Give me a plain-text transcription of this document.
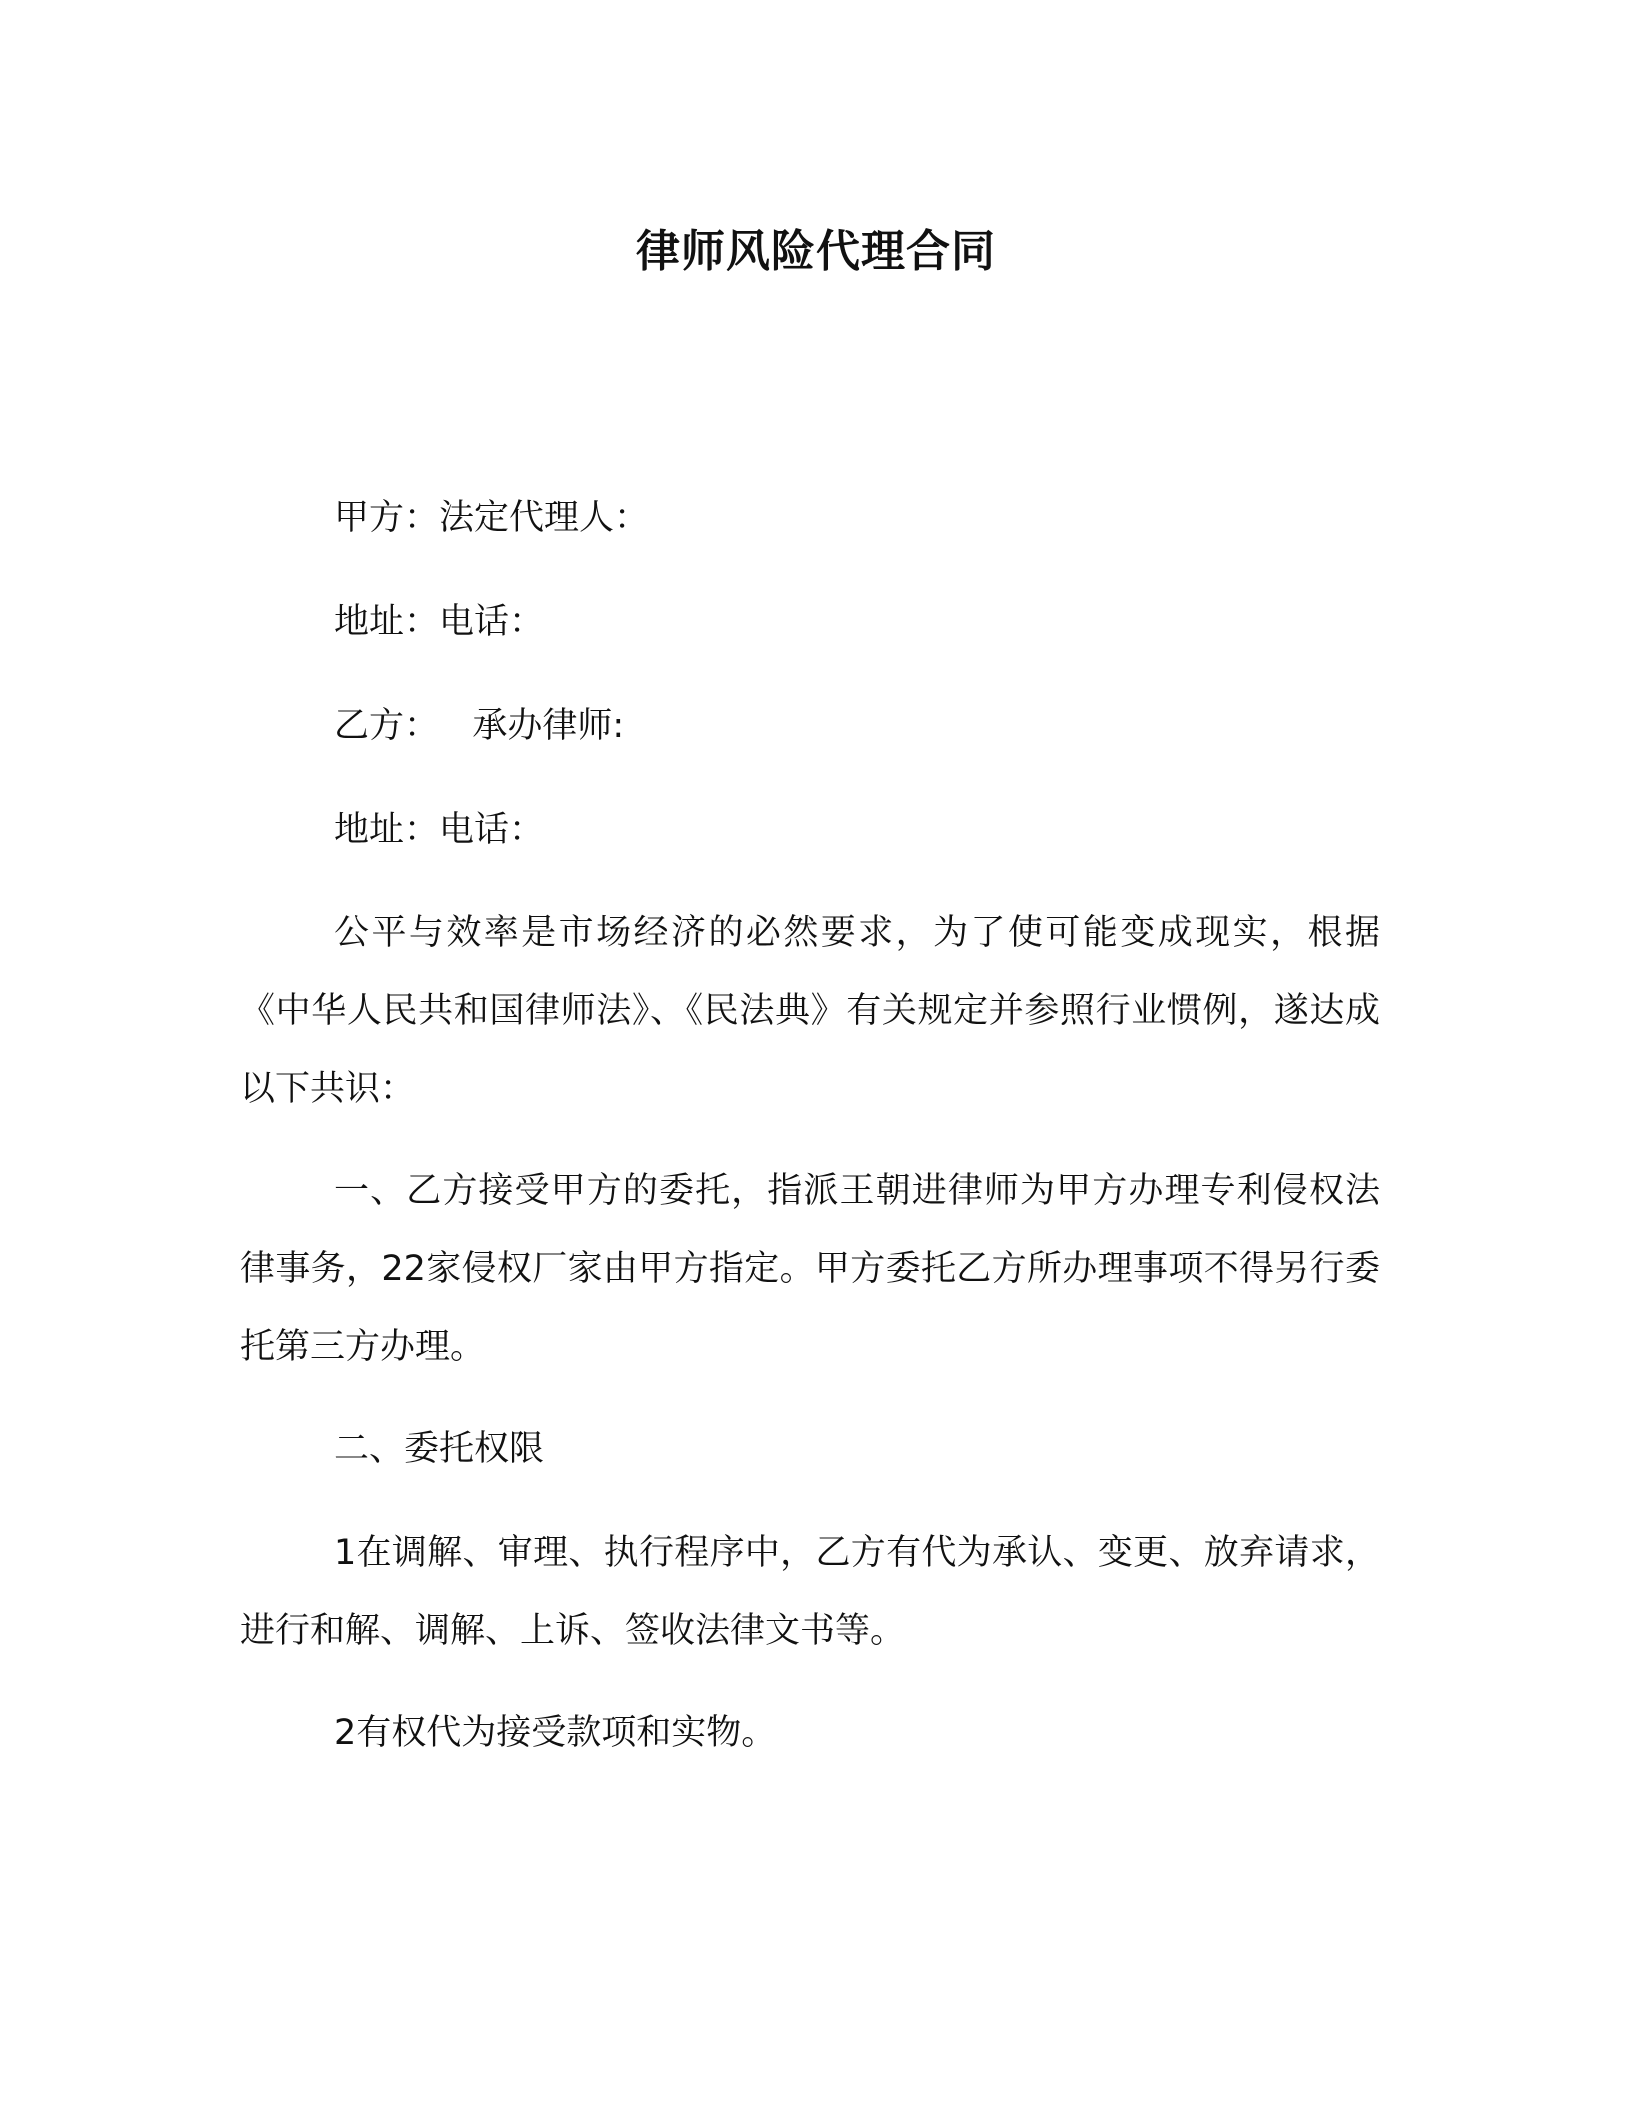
律师风险代理合同
甲方：法定代理人：
地址：电话：
乙方：   承办律师:
地址：电话：
公平与效率是市场经济的必然要求，为了使可能变成现实，根据《中华人民共和国律师法》、《民法典》有关规定并参照行业惯例，遂达成以下共识：
一、乙方接受甲方的委托，指派王朝进律师为甲方办理专利侵权法律事务，22家侵权厂家由甲方指定。甲方委托乙方所办理事项不得另行委托第三方办理。
二、委托权限
1在调解、审理、执行程序中，乙方有代为承认、变更、放弃请求，进行和解、调解、上诉、签收法律文书等。
2有权代为接受款项和实物。
